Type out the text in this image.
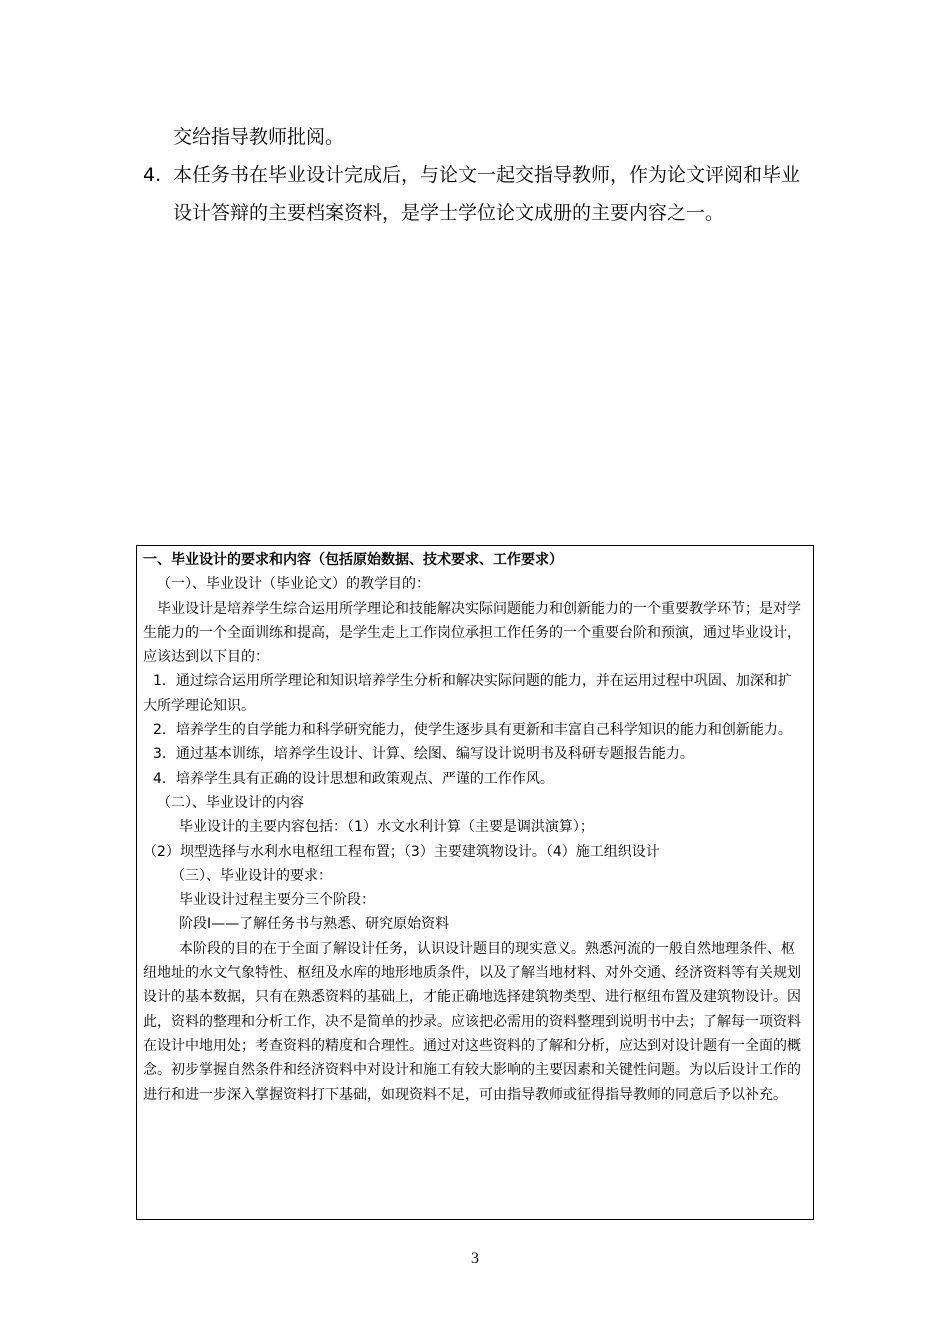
交给指导教师批阅。

4. 本任务书在毕业设计完成后，与论文一起交指导教师，作为论文评阅和毕业设计答辩的主要档案资料，是学士学位论文成册的主要内容之一。

一、毕业设计的要求和内容（包括原始数据、技术要求、工作要求）

（一）、毕业设计（毕业论文）的教学目的：

毕业设计是培养学生综合运用所学理论和技能解决实际问题能力和创新能力的一个重要教学环节；是对学生能力的一个全面训练和提高，是学生走上工作岗位承担工作任务的一个重要台阶和预演，通过毕业设计，应该达到以下目的：

1．通过综合运用所学理论和知识培养学生分析和解决实际问题的能力，并在运用过程中巩固、加深和扩大所学理论知识。

2．培养学生的自学能力和科学研究能力，使学生逐步具有更新和丰富自己科学知识的能力和创新能力。

3．通过基本训练，培养学生设计、计算、绘图、编写设计说明书及科研专题报告能力。

4．培养学生具有正确的设计思想和政策观点、严谨的工作作风。

（二）、毕业设计的内容

毕业设计的主要内容包括：（1）水文水利计算（主要是调洪演算）；

（2）坝型选择与水利水电枢纽工程布置；（3）主要建筑物设计。（4）施工组织设计

（三）、毕业设计的要求：

毕业设计过程主要分三个阶段：

阶段Ⅰ——了解任务书与熟悉、研究原始资料

本阶段的目的在于全面了解设计任务，认识设计题目的现实意义。熟悉河流的一般自然地理条件、枢纽地址的水文气象特性、枢纽及水库的地形地质条件，以及了解当地材料、对外交通、经济资料等有关规划设计的基本数据，只有在熟悉资料的基础上，才能正确地选择建筑物类型、进行枢纽布置及建筑物设计。因此，资料的整理和分析工作，决不是简单的抄录。应该把必需用的资料整理到说明书中去；了解每一项资料在设计中地用处；考查资料的精度和合理性。通过对这些资料的了解和分析，应达到对设计题有一全面的概念。初步掌握自然条件和经济资料中对设计和施工有较大影响的主要因素和关键性问题。为以后设计工作的进行和进一步深入掌握资料打下基础，如现资料不足，可由指导教师或征得指导教师的同意后予以补充。

3
